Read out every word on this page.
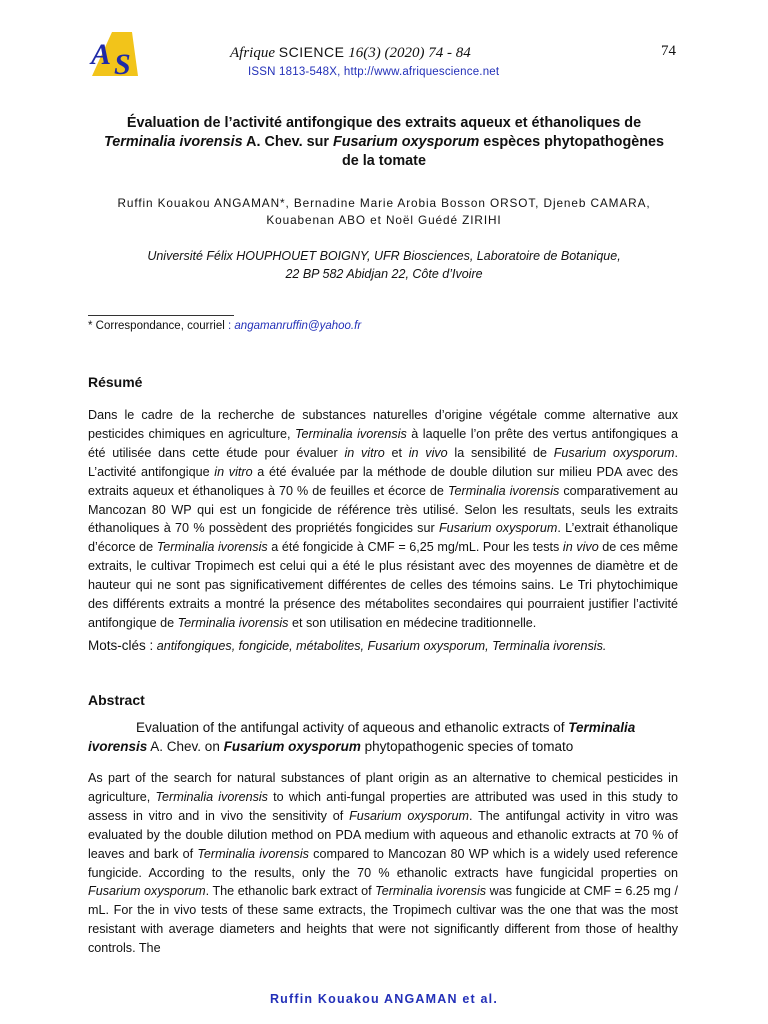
A S	Afrique SCIENCE 16(3) (2020) 74 - 84	74
ISSN 1813-548X, http://www.afriquescience.net
Évaluation de l’activité antifongique des extraits aqueux et éthanoliques de
Terminalia ivorensis A. Chev. sur Fusarium oxysporum espèces phytopathogènes
de la tomate
Ruffin Kouakou ANGAMAN*, Bernadine Marie Arobia Bosson ORSOT, Djeneb CAMARA,
Kouabenan ABO et Noël Guédé ZIRIHI
Université Félix HOUPHOUET BOIGNY, UFR Biosciences, Laboratoire de Botanique,
22 BP 582 Abidjan 22, Côte d’Ivoire
* Correspondance, courriel : angamanruffin@yahoo.fr
Résumé
Dans le cadre de la recherche de substances naturelles d’origine végétale comme alternative aux pesticides chimiques en agriculture, Terminalia ivorensis à laquelle l’on prête des vertus antifongiques a été utilisée dans cette étude pour évaluer in vitro et in vivo la sensibilité de Fusarium oxysporum. L’activité antifongique in vitro a été évaluée par la méthode de double dilution sur milieu PDA avec des extraits aqueux et éthanoliques à 70 % de feuilles et écorce de Terminalia ivorensis comparativement au Mancozan 80 WP qui est un fongicide de référence très utilisé. Selon les resultats, seuls les extraits éthanoliques à 70 % possèdent des propriétés fongicides sur Fusarium oxysporum. L’extrait éthanolique d’écorce de Terminalia ivorensis a été fongicide à CMF = 6,25 mg/mL. Pour les tests in vivo de ces même extraits, le cultivar Tropimech est celui qui a été le plus résistant avec des moyennes de diamètre et de hauteur qui ne sont pas significativement différentes de celles des témoins sains. Le Tri phytochimique des différents extraits a montré la présence des métabolites secondaires qui pourraient justifier l’activité antifongique de Terminalia ivorensis et son utilisation en médecine traditionnelle.
Mots-clés : antifongiques, fongicide, métabolites, Fusarium oxysporum, Terminalia ivorensis.
Abstract
Evaluation of the antifungal activity of aqueous and ethanolic extracts of Terminalia ivorensis A. Chev. on Fusarium oxysporum phytopathogenic species of tomato
As part of the search for natural substances of plant origin as an alternative to chemical pesticides in agriculture, Terminalia ivorensis to which anti-fungal properties are attributed was used in this study to assess in vitro and in vivo the sensitivity of Fusarium oxysporum. The antifungal activity in vitro was evaluated by the double dilution method on PDA medium with aqueous and ethanolic extracts at 70 % of leaves and bark of Terminalia ivorensis compared to Mancozan 80 WP which is a widely used reference fungicide. According to the results, only the 70 % ethanolic extracts have fungicidal properties on Fusarium oxysporum. The ethanolic bark extract of Terminalia ivorensis was fungicide at CMF = 6.25 mg / mL. For the in vivo tests of these same extracts, the Tropimech cultivar was the one that was the most resistant with average diameters and heights that were not significantly different from those of healthy controls. The
Ruffin Kouakou ANGAMAN et al.
